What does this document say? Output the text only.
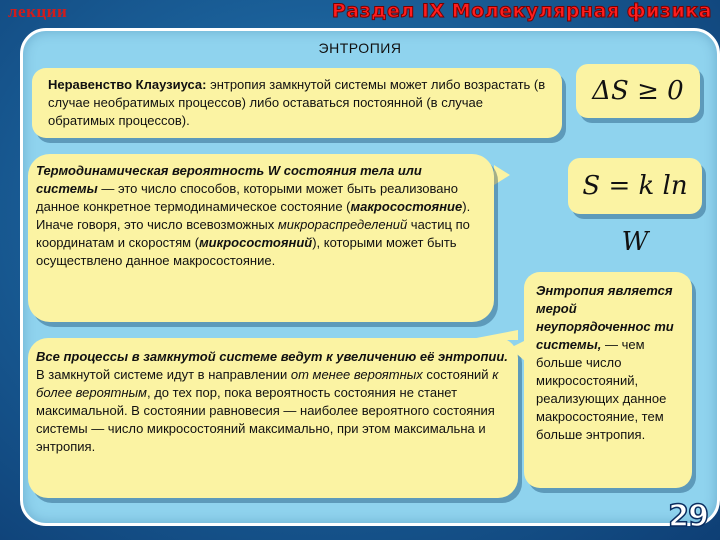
лекции	Раздел IX Молекулярная физика
ЭНТРОПИЯ
Неравенство Клаузиуса: энтропия замкнутой системы может либо возрастать (в случае необратимых процессов) либо оставаться постоянной (в случае обратимых процессов).
ΔS ≥ 0
S = k ln W
Термодинамическая вероятность W состояния тела или системы — это число способов, которыми может быть реализовано данное конкретное термодинамическое состояние (макросостояние). Иначе говоря, это число всевозможных микрораспределений частиц по координатам и скоростям (микросостояний), которыми может быть осуществлено данное макросостояние.
Все процессы в замкнутой системе ведут к увеличению её энтропии. В замкнутой системе идут в направлении от менее вероятных состояний к более вероятным, до тех пор, пока вероятность состояния не станет максимальной. В состоянии равновесия — наиболее вероятного состояния системы — число микросостояний максимально, при этом максимальна и энтропия.

Энтропия является мерой неупорядоченнос ти системы, — чем больше число микросостояний, реализующих данное макросостояние, тем больше энтропия.

29
